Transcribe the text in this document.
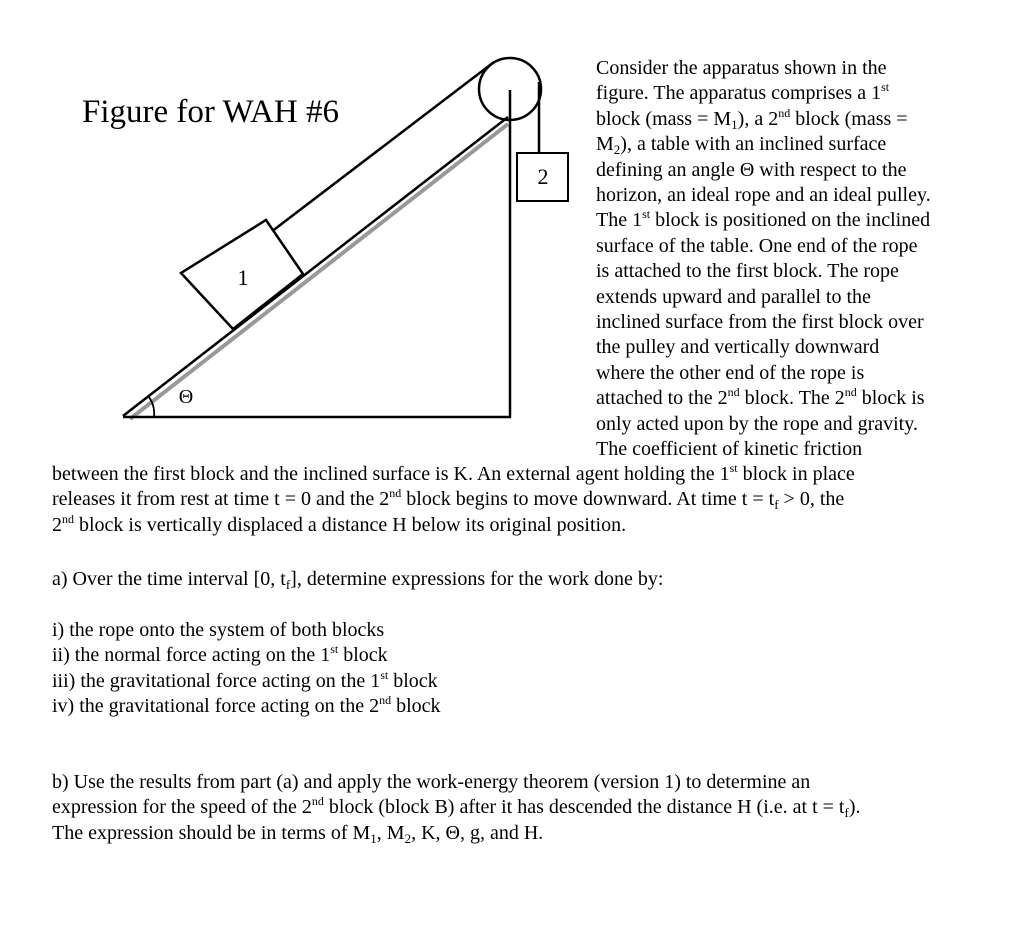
1
2
Θ
Figure for WAH #6
Consider the apparatus shown in the
figure. The apparatus comprises a 1st
block (mass = $M_1$), a 2nd block (mass =
$M_2$), a table with an inclined surface
defining an angle Θ with respect to the
horizon, an ideal rope and an ideal pulley.
The 1st block is positioned on the inclined
surface of the table. One end of the rope
is attached to the first block. The rope
extends upward and parallel to the
inclined surface from the first block over
the pulley and vertically downward
where the other end of the rope is
attached to the 2nd block. The 2nd block is
only acted upon by the rope and gravity.
The coefficient of kinetic friction
between the first block and the inclined surface is K. An external agent holding the 1st block in place
releases it from rest at time t = 0 and the 2nd block begins to move downward. At time $t = t_f > 0$, the
2nd block is vertically displaced a distance H below its original position.
a) Over the time interval [0, $t_f$], determine expressions for the work done by:
i) the rope onto the system of both blocks
ii) the normal force acting on the 1st block
iii) the gravitational force acting on the 1st block
iv) the gravitational force acting on the 2nd block
b) Use the results from part (a) and apply the work-energy theorem (version 1) to determine an
expression for the speed of the 2nd block (block B) after it has descended the distance H (i.e. at $t = t_f$).
The expression should be in terms of $M_1$, $M_2$, K, Θ, g, and H.
